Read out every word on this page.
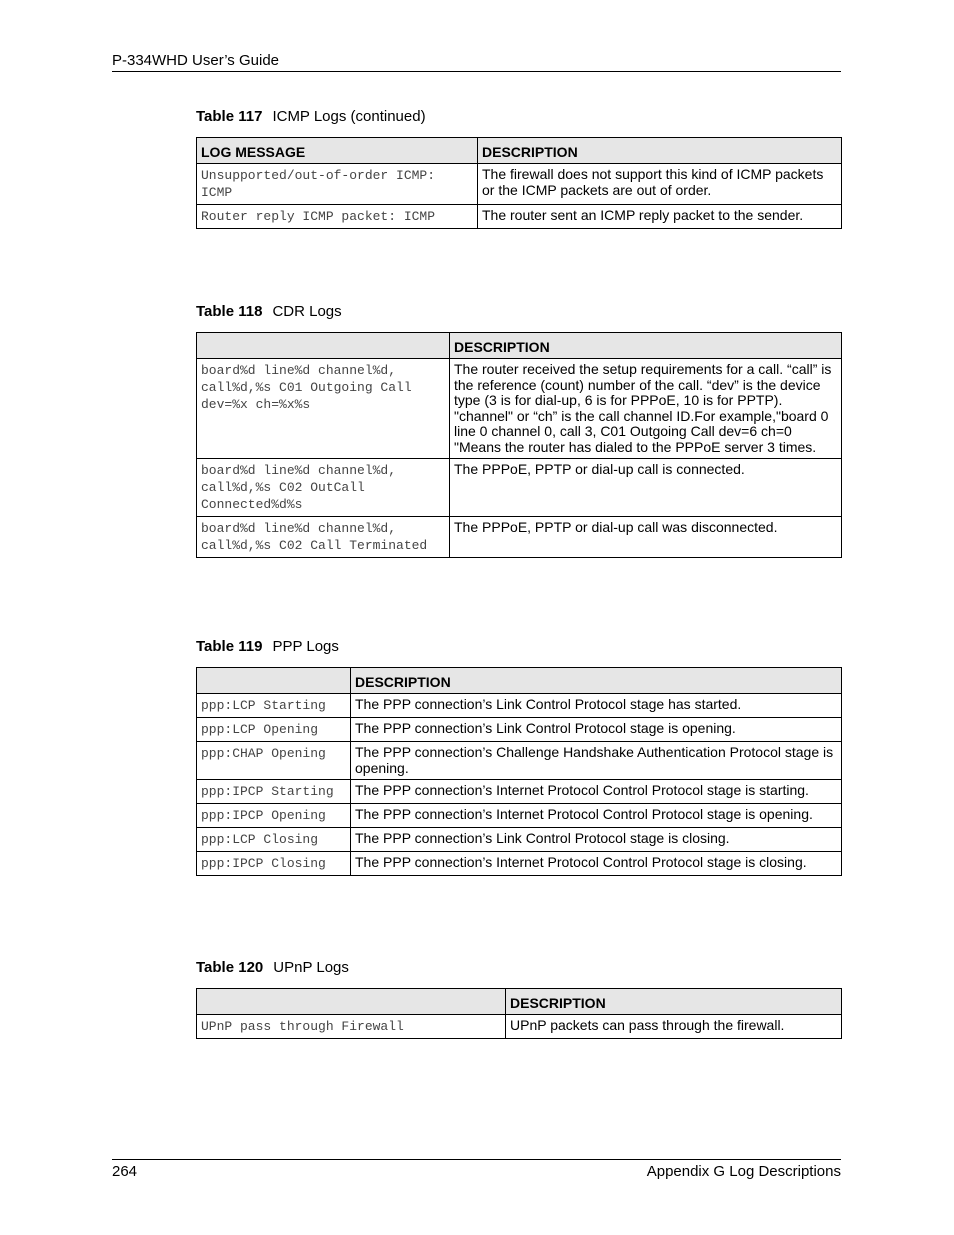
P-334WHD User’s Guide
Table 117 ICMP Logs (continued)
LOG MESSAGE	DESCRIPTION
Unsupported/out-of-order ICMP: ICMP	The firewall does not support this kind of ICMP packets or the ICMP packets are out of order.
Router reply ICMP packet: ICMP	The router sent an ICMP reply packet to the sender.
Table 118 CDR Logs
	DESCRIPTION
board%d line%d channel%d, call%d,%s C01 Outgoing Call dev=%x ch=%x%s	The router received the setup requirements for a call. “call” is the reference (count) number of the call. “dev” is the device type (3 is for dial-up, 6 is for PPPoE, 10 is for PPTP). "channel" or “ch” is the call channel ID.For example,"board 0 line 0 channel 0, call 3, C01 Outgoing Call dev=6 ch=0 "Means the router has dialed to the PPPoE server 3 times.
board%d line%d channel%d, call%d,%s C02 OutCall Connected%d%s	The PPPoE, PPTP or dial-up call is connected.
board%d line%d channel%d, call%d,%s C02 Call Terminated	The PPPoE, PPTP or dial-up call was disconnected.
Table 119 PPP Logs
	DESCRIPTION
ppp:LCP Starting	The PPP connection’s Link Control Protocol stage has started.
ppp:LCP Opening	The PPP connection’s Link Control Protocol stage is opening.
ppp:CHAP Opening	The PPP connection’s Challenge Handshake Authentication Protocol stage is opening.
ppp:IPCP Starting	The PPP connection’s Internet Protocol Control Protocol stage is starting.
ppp:IPCP Opening	The PPP connection’s Internet Protocol Control Protocol stage is opening.
ppp:LCP Closing	The PPP connection’s Link Control Protocol stage is closing.
ppp:IPCP Closing	The PPP connection’s Internet Protocol Control Protocol stage is closing.
Table 120 UPnP Logs
	DESCRIPTION
UPnP pass through Firewall	UPnP packets can pass through the firewall.
264	Appendix G Log Descriptions
